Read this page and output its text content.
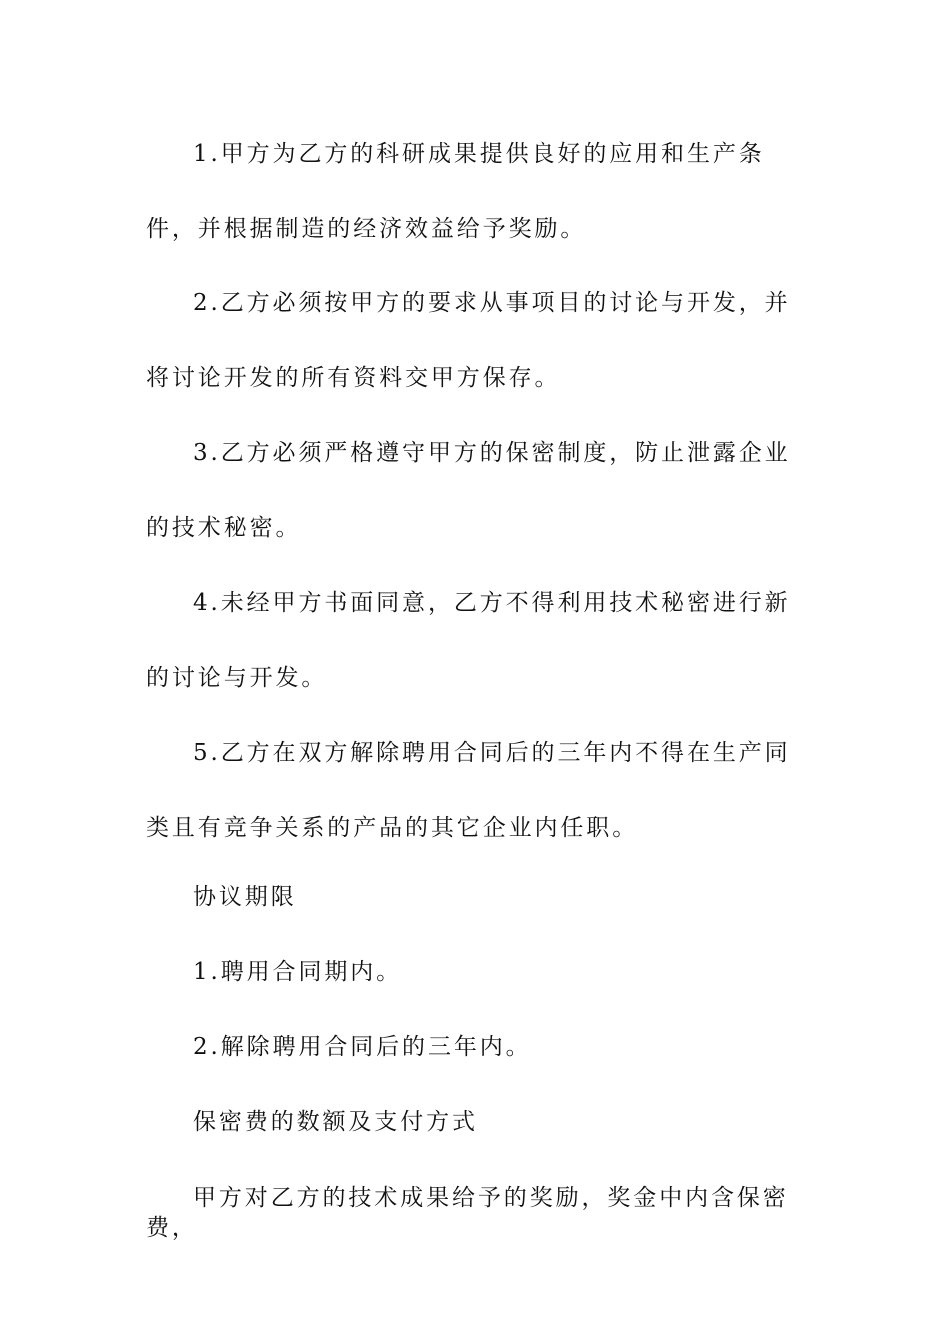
1.甲方为乙方的科研成果提供良好的应用和生产条件，并根据制造的经济效益给予奖励。

2.乙方必须按甲方的要求从事项目的讨论与开发，并将讨论开发的所有资料交甲方保存。

3.乙方必须严格遵守甲方的保密制度，防止泄露企业的技术秘密。

4.未经甲方书面同意，乙方不得利用技术秘密进行新的讨论与开发。

5.乙方在双方解除聘用合同后的三年内不得在生产同类且有竞争关系的产品的其它企业内任职。

协议期限

1.聘用合同期内。

2.解除聘用合同后的三年内。

保密费的数额及支付方式

甲方对乙方的技术成果给予的奖励，奖金中内含保密费，
